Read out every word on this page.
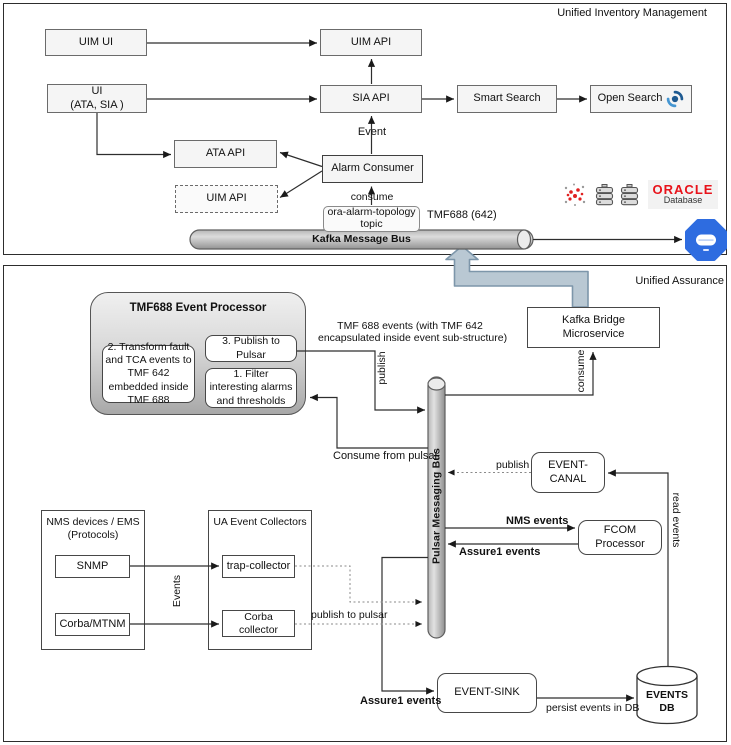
Unified Inventory Management
UIM UI	UIM API
UI
(ATA, SIA )
SIA API	Smart Search	Open Search
ATA API
Alarm Consumer
UIM API
Event
consume
ora-alarm-topology
topic
TMF688 (642)
Kafka Message Bus
ORACLE
Database
Unified Assurance
TMF688 Event Processor
2. Transform fault and TCA events to TMF 642 embedded inside TMF 688
3. Publish to Pulsar
1. Filter interesting alarms and thresholds
TMF 688 events (with TMF 642
encapsulated inside event sub-structure)
publish
Kafka Bridge
Microservice
consume
Pulsar Messaging Bus
Consume from pulsar
EVENT-
CANAL
publish
NMS events
Assure1 events
FCOM
Processor read events
NMS devices / EMS
(Protocols)
SNMP
Corba/MTNM
Events
UA Event Collectors
trap-collector
Corba
collector
publish to pulsar
Assure1 events
EVENT-SINK
persist events in DB
EVENTS
DB
